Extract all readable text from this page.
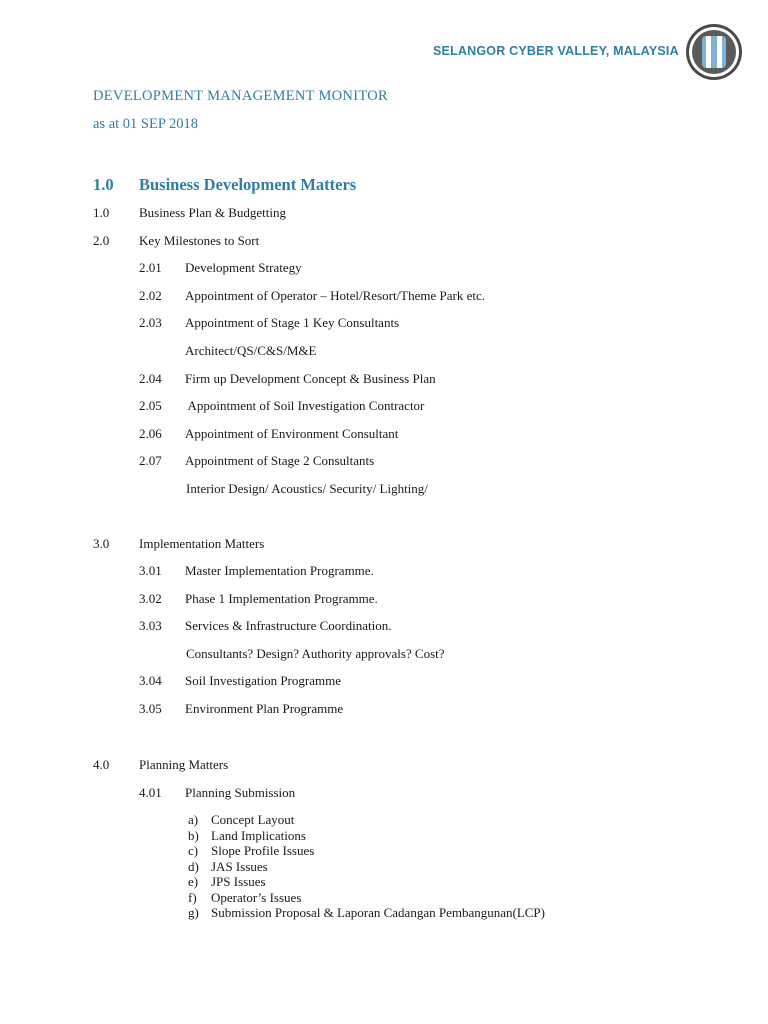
SELANGOR CYBER VALLEY, MALAYSIA
DEVELOPMENT MANAGEMENT MONITOR
as at 01 SEP 2018
1.0 Business Development Matters
1.0 Business Plan & Budgetting
2.0 Key Milestones to Sort
2.01 Development Strategy
2.02 Appointment of Operator – Hotel/Resort/Theme Park etc.
2.03 Appointment of Stage 1 Key Consultants
Architect/QS/C&S/M&E
2.04 Firm up Development Concept & Business Plan
2.05 Appointment of Soil Investigation Contractor
2.06 Appointment of Environment Consultant
2.07 Appointment of Stage 2 Consultants
Interior Design/ Acoustics/ Security/ Lighting/
3.0 Implementation Matters
3.01 Master Implementation Programme.
3.02 Phase 1 Implementation Programme.
3.03 Services & Infrastructure Coordination.
Consultants? Design? Authority approvals? Cost?
3.04 Soil Investigation Programme
3.05 Environment Plan Programme
4.0 Planning Matters
4.01 Planning Submission
a) Concept Layout
b) Land Implications
c) Slope Profile Issues
d) JAS Issues
e) JPS Issues
f) Operator’s Issues
g) Submission Proposal & Laporan Cadangan Pembangunan(LCP)
